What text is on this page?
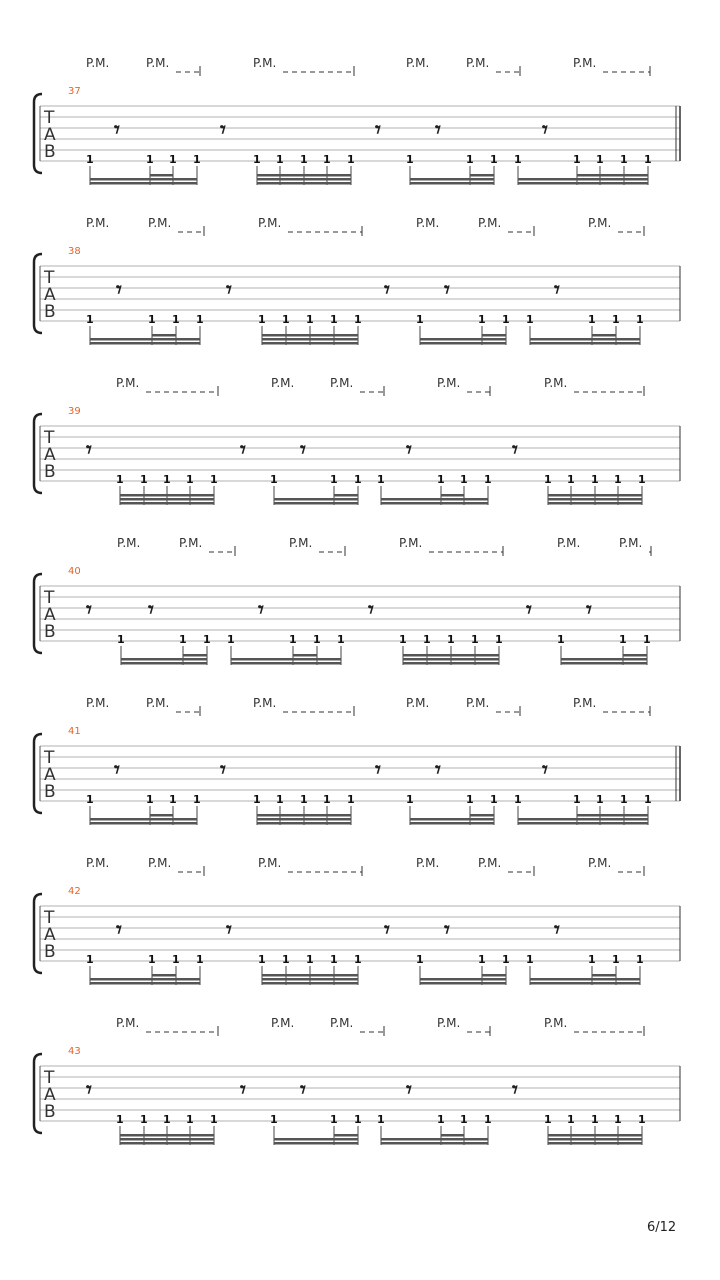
37
P.M.	P.M.	P.M.	P.M.	P.M.	P.M.
T
A
B
𝄾	𝄾	𝄾 𝄾	𝄾
1	1 1 1	1 1 1 1 1	1	1 1 1	1 1 1 1
38
P.M.	P.M.	P.M.	P.M.	P.M.	P.M.
T
A
B
𝄾	𝄾	𝄾 𝄾	𝄾
1	1 1 1	1 1 1 1 1	1	1 1 1	1 1 1
39
P.M.	P.M.	P.M.	P.M.	P.M.
T
A
B
𝄾	𝄾 𝄾	𝄾	𝄾
1 1 1 1 1	1	1 1 1	1 1 1	1 1 1 1 1
40
P.M.	P.M.	P.M.	P.M.	P.M.	P.M.
T
A
B
𝄾	𝄾	𝄾	𝄾	𝄾 𝄾
1	1 1 1	1 1 1	1 1 1 1 1	1	1 1
41
P.M.	P.M.	P.M.	P.M.	P.M.	P.M.
T
A
B
𝄾	𝄾	𝄾 𝄾	𝄾
1	1 1 1	1 1 1 1 1	1	1 1 1	1 1 1 1
42
P.M.	P.M.	P.M.	P.M.	P.M.	P.M.
T
A
B
𝄾	𝄾	𝄾 𝄾	𝄾
1	1 1 1	1 1 1 1 1	1	1 1 1	1 1 1
43
P.M.	P.M.	P.M.	P.M.	P.M.
T
A
B
𝄾	𝄾 𝄾	𝄾	𝄾
1 1 1 1 1	1	1 1 1	1 1 1	1 1 1 1 1
6/12
